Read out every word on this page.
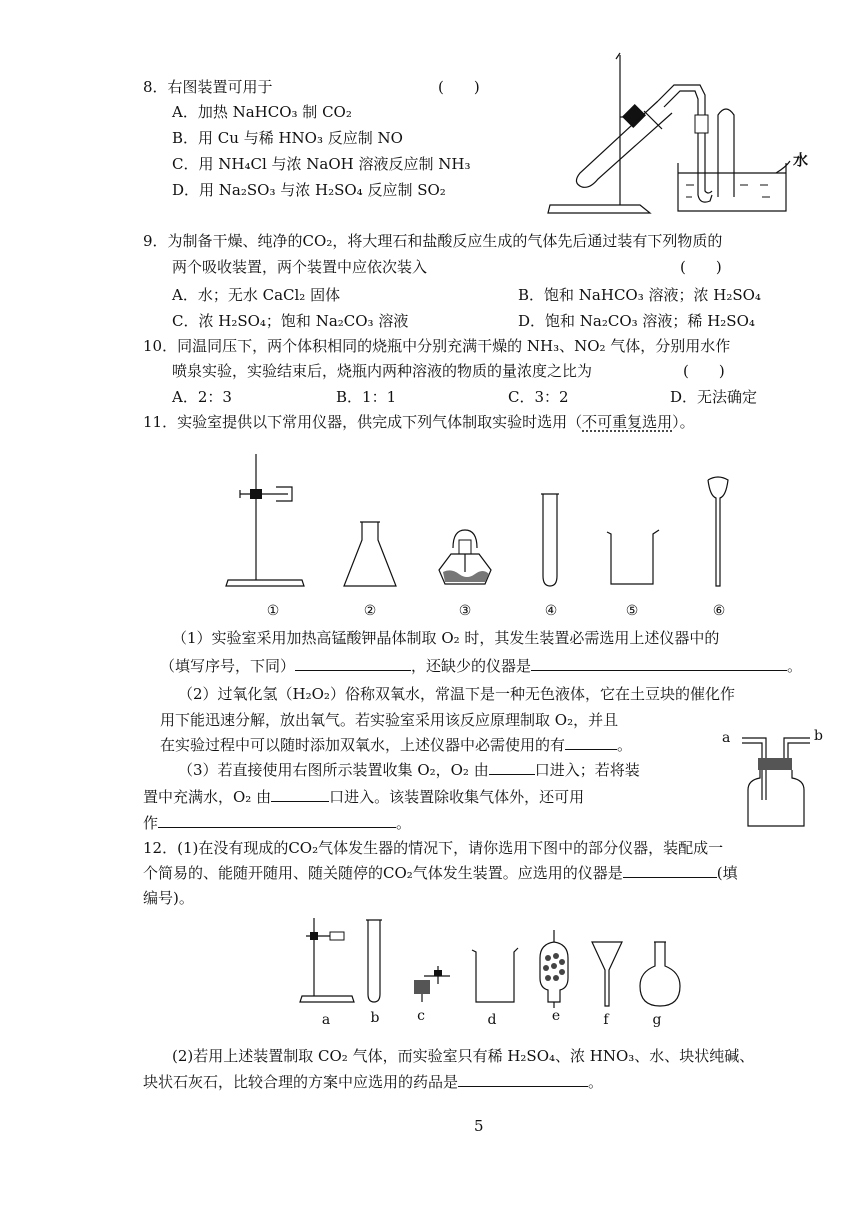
8．右图装置可用于	(　　)
A．加热 NaHCO₃ 制 CO₂
B．用 Cu 与稀 HNO₃ 反应制 NO
C．用 NH₄Cl 与浓 NaOH 溶液反应制 NH₃
D．用 Na₂SO₃ 与浓 H₂SO₄ 反应制 SO₂
水
9．为制备干燥、纯净的CO₂，将大理石和盐酸反应生成的气体先后通过装有下列物质的
两个吸收装置，两个装置中应依次装入	(　　)
A．水；无水 CaCl₂ 固体	B．饱和 NaHCO₃ 溶液；浓 H₂SO₄
C．浓 H₂SO₄；饱和 Na₂CO₃ 溶液	D．饱和 Na₂CO₃ 溶液；稀 H₂SO₄
10．同温同压下，两个体积相同的烧瓶中分别充满干燥的 NH₃、NO₂ 气体，分别用水作
喷泉实验，实验结束后，烧瓶内两种溶液的物质的量浓度之比为	(　　)
A．2：3	B．1：1	C．3：2	D．无法确定
11．实验室提供以下常用仪器，供完成下列气体制取实验时选用（不可重复选用）。
①	②	③	④	⑤	⑥
（1）实验室采用加热高锰酸钾晶体制取 O₂ 时，其发生装置必需选用上述仪器中的
（填写序号，下同）	，还缺少的仪器是	。
（2）过氧化氢（H₂O₂）俗称双氧水，常温下是一种无色液体，它在土豆块的催化作
用下能迅速分解，放出氧气。若实验室采用该反应原理制取 O₂，并且
在实验过程中可以随时添加双氧水，上述仪器中必需使用的有	。	a	b
（3）若直接使用右图所示装置收集 O₂，O₂ 由	口进入；若将装
置中充满水，O₂ 由	口进入。该装置除收集气体外，还可用
作	。
12．(1)在没有现成的CO₂气体发生器的情况下，请你选用下图中的部分仪器，装配成一
个简易的、能随开随用、随关随停的CO₂气体发生装置。应选用的仪器是	(填
编号)。
a	b	c	d	e	f	g
(2)若用上述装置制取 CO₂ 气体，而实验室只有稀 H₂SO₄、浓 HNO₃、水、块状纯碱、
块状石灰石，比较合理的方案中应选用的药品是	。
5
